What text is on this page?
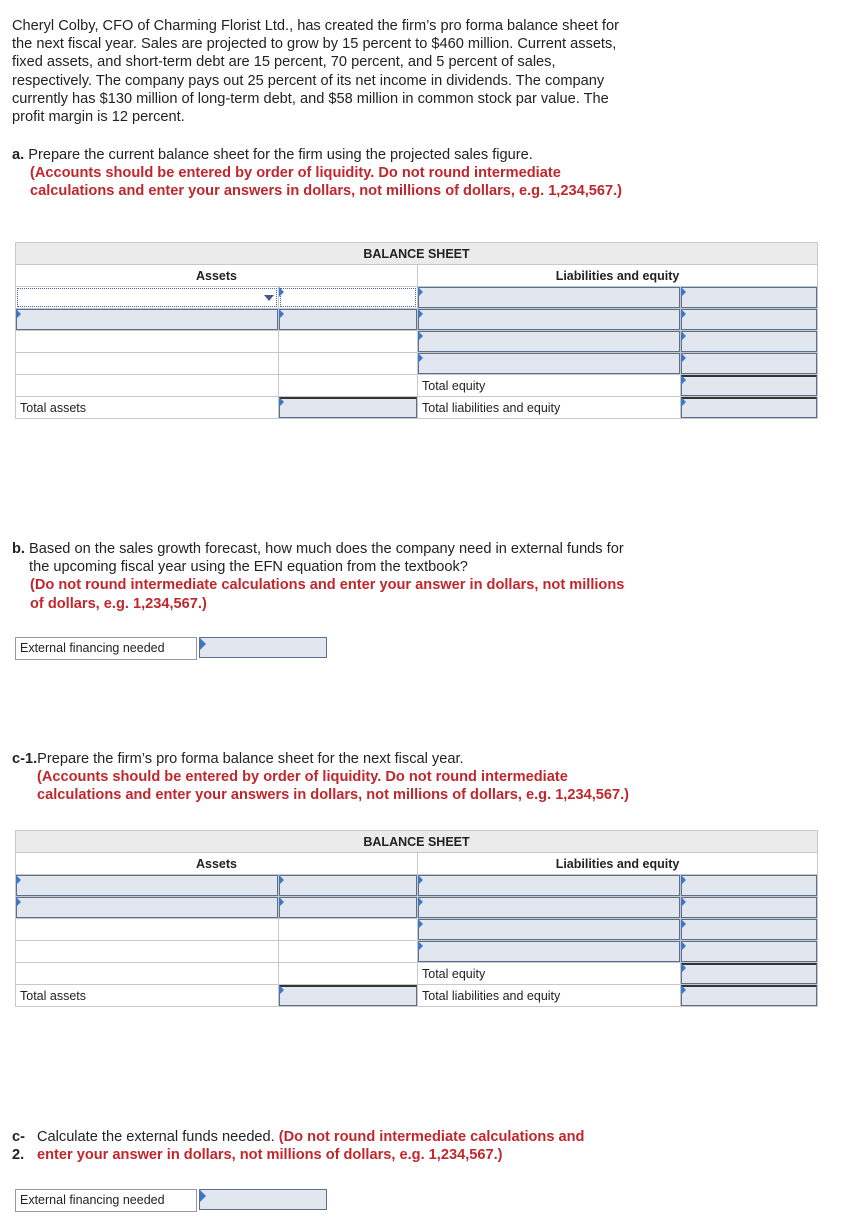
Cheryl Colby, CFO of Charming Florist Ltd., has created the firm’s pro forma balance sheet for the next fiscal year. Sales are projected to grow by 15 percent to $460 million. Current assets, fixed assets, and short-term debt are 15 percent, 70 percent, and 5 percent of sales, respectively. The company pays out 25 percent of its net income in dividends. The company currently has $130 million of long-term debt, and $58 million in common stock par value. The profit margin is 12 percent.
a.
Prepare the current balance sheet for the firm using the projected sales figure.
(Accounts should be entered by order of liquidity. Do not round intermediate calculations and enter your answers in dollars, not millions of dollars, e.g. 1,234,567.)
BALANCE SHEET			
Assets		Liabilities and equity	

		Total equity	

Total assets		Total liabilities and equity	
b.
Based on the sales growth forecast, how much does the company need in external funds for the upcoming fiscal year using the EFN equation from the textbook?
(Do not round intermediate calculations and enter your answer in dollars, not millions of dollars, e.g. 1,234,567.)
External financing needed
c-1. Prepare the firm’s pro forma balance sheet for the next fiscal year.
(Accounts should be entered by order of liquidity. Do not round intermediate calculations and enter your answers in dollars, not millions of dollars, e.g. 1,234,567.)
BALANCE SHEET			
Assets		Liabilities and equity	

		Total equity	

Total assets		Total liabilities and equity	
c- Calculate the external funds needed. (Do not round intermediate calculations and
2. enter your answer in dollars, not millions of dollars, e.g. 1,234,567.)
External financing needed
